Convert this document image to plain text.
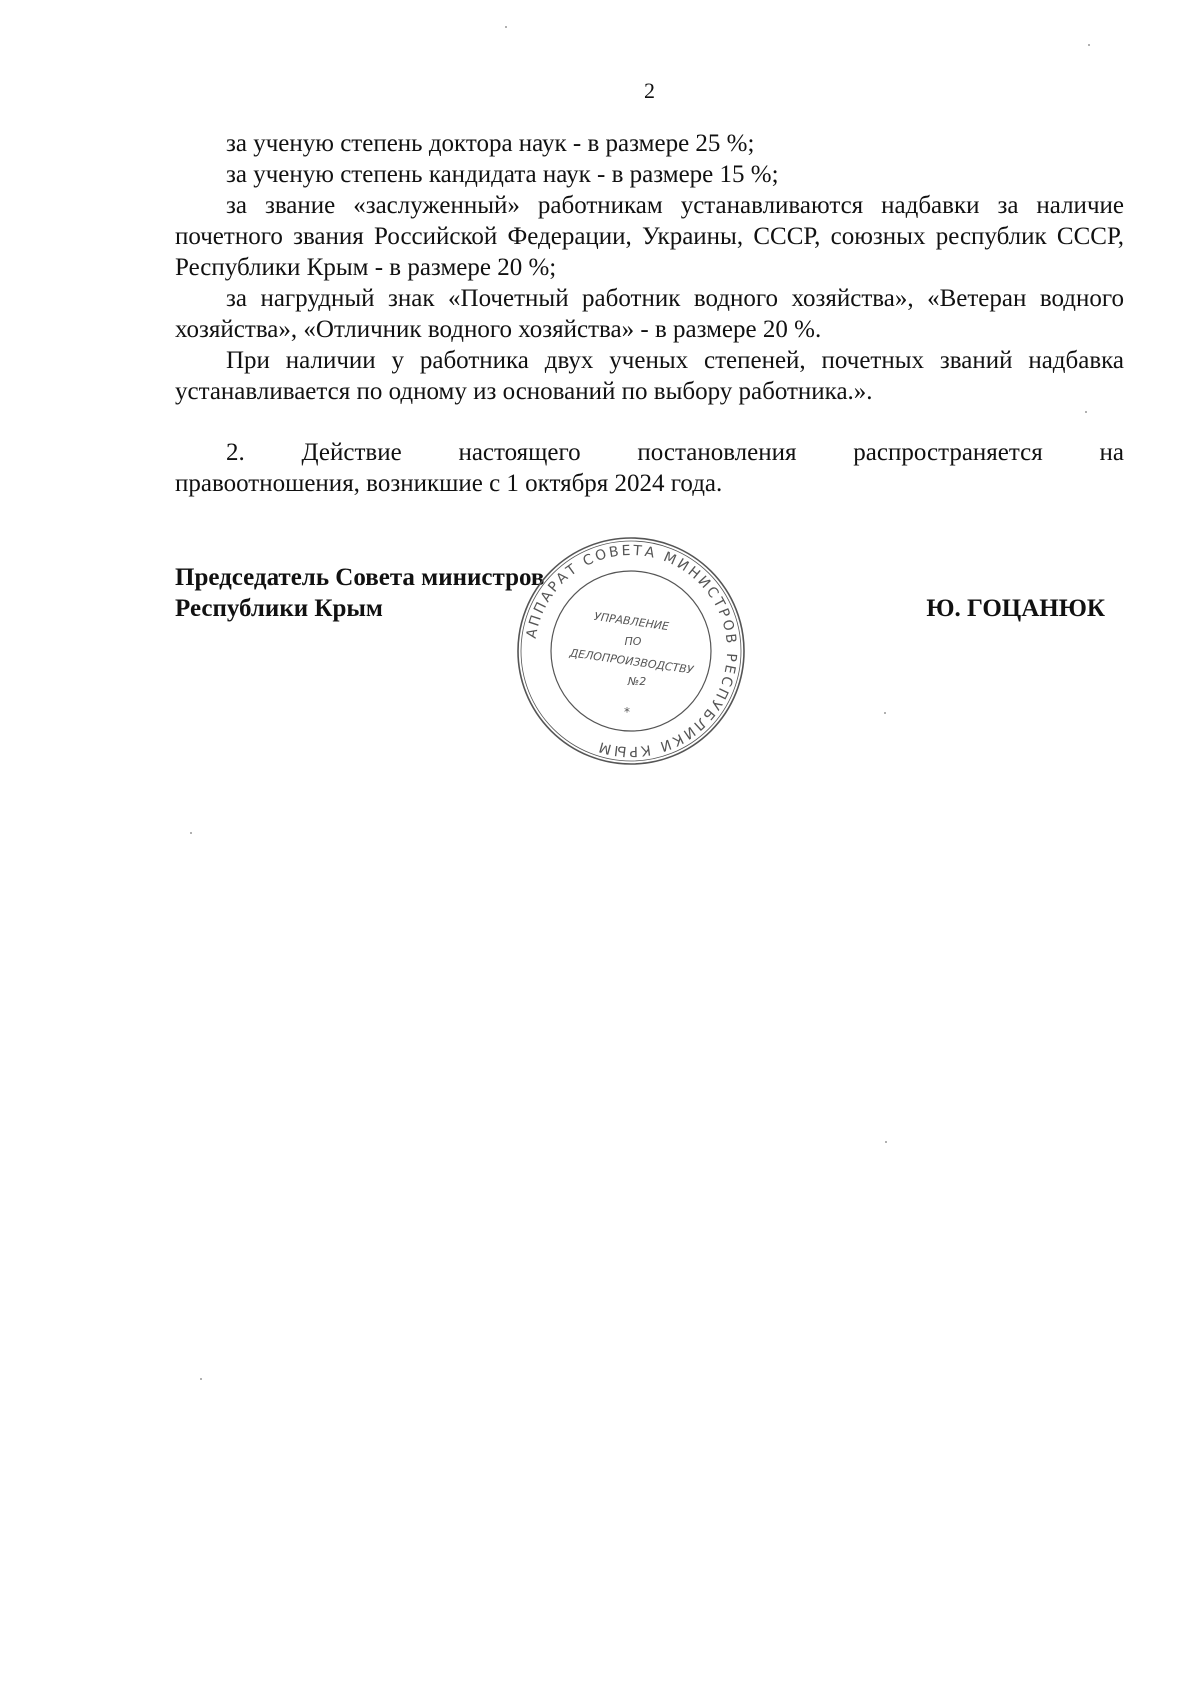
2

за ученую степень доктора наук - в размере 25 %;

за ученую степень кандидата наук - в размере 15 %;

за звание «заслуженный» работникам устанавливаются надбавки за наличие почетного звания Российской Федерации, Украины, СССР, союзных республик СССР, Республики Крым - в размере 20 %;

за нагрудный знак «Почетный работник водного хозяйства», «Ветеран водного хозяйства», «Отличник водного хозяйства» - в размере 20 %.

При наличии у работника двух ученых степеней, почетных званий надбавка устанавливается по одному из оснований по выбору работника.».

2. Действие настоящего постановления распространяется на
правоотношения, возникшие с 1 октября 2024 года.
Председатель Совета министров
Республики Крым	Ю. ГОЦАНЮК
АППАРАТ СОВЕТА МИНИСТРОВ РЕСПУБЛИКИ КРЫМ
*
УПРАВЛЕНИЕ
ПО
ДЕЛОПРОИЗВОДСТВУ
№2
